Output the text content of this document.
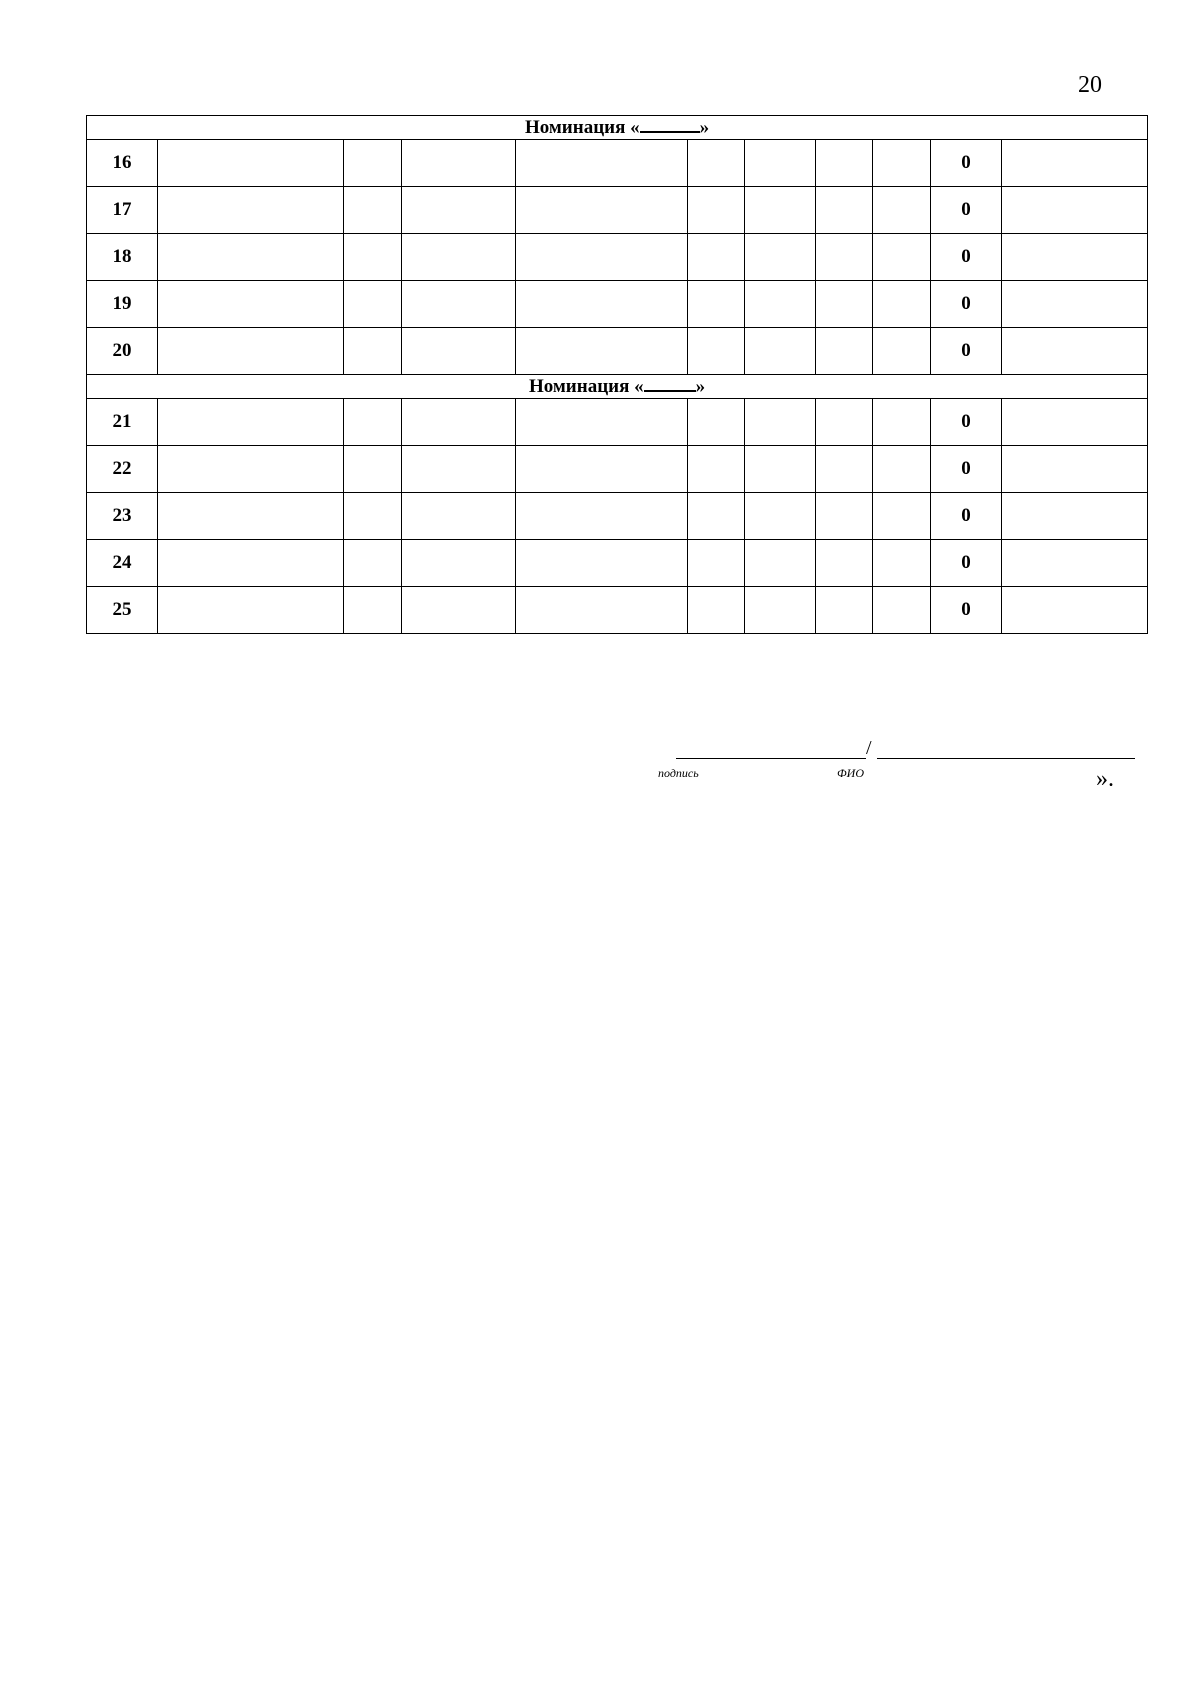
20
Номинация « »										
16									0	
17									0	
18									0	
19									0	
20									0	
Номинация « »										
21									0	
22									0	
23									0	
24									0	
25									0	
/
подпись	ФИО	».
